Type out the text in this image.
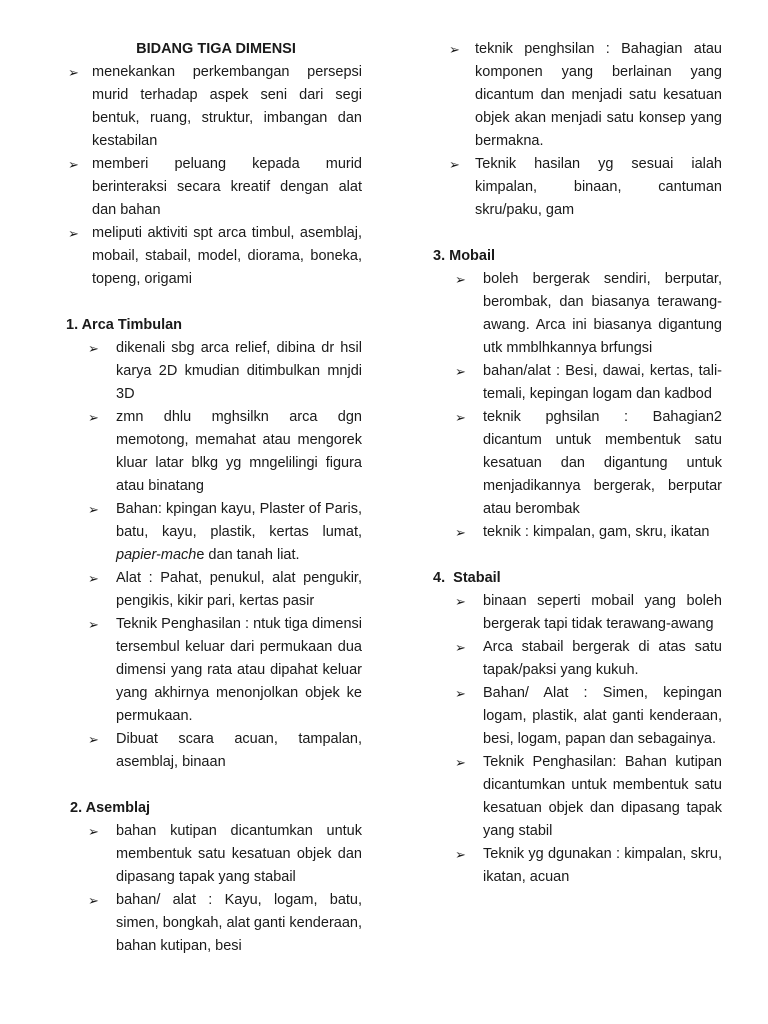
BIDANG TIGA DIMENSI
➢ menekankan perkembangan persepsi murid terhadap aspek seni dari segi bentuk, ruang, struktur, imbangan dan kestabilan
➢ memberi peluang kepada murid berinteraksi secara kreatif dengan alat dan bahan
➢ meliputi aktiviti spt arca timbul, asemblaj, mobail, stabail, model, diorama, boneka, topeng, origami
1. Arca Timbulan
➢ dikenali sbg arca relief, dibina dr hsil karya 2D kmudian ditimbulkan mnjdi 3D
➢ zmn dhlu mghsilkn arca dgn memotong, memahat atau mengorek kluar latar blkg yg mngelilingi figura atau binatang
➢ Bahan: kpingan kayu, Plaster of Paris, batu, kayu, plastik, kertas lumat, papier-mache dan tanah liat.
➢ Alat : Pahat, penukul, alat pengukir, pengikis, kikir pari, kertas pasir
➢ Teknik Penghasilan : ntuk tiga dimensi tersembul keluar dari permukaan dua dimensi yang rata atau dipahat keluar yang akhirnya menonjolkan objek ke permukaan.
➢ Dibuat scara acuan, tampalan, asemblaj, binaan
2. Asemblaj
➢ bahan kutipan dicantumkan untuk membentuk satu kesatuan objek dan dipasang tapak yang stabail
➢ bahan/ alat : Kayu, logam, batu, simen, bongkah, alat ganti kenderaan, bahan kutipan, besi
➢ teknik penghsilan : Bahagian atau komponen yang berlainan yang dicantum dan menjadi satu kesatuan objek akan menjadi satu konsep yang bermakna.
➢ Teknik hasilan yg sesuai ialah kimpalan, binaan, cantuman skru/paku, gam
3. Mobail
➢ boleh bergerak sendiri, berputar, berombak, dan biasanya terawang-awang. Arca ini biasanya digantung utk mmblhkannya brfungsi
➢ bahan/alat : Besi, dawai, kertas, tali-temali, kepingan logam dan kadbod
➢ teknik pghsilan : Bahagian2 dicantum untuk membentuk satu kesatuan dan digantung untuk menjadikannya bergerak, berputar atau berombak
➢ teknik : kimpalan, gam, skru, ikatan
4.  Stabail
➢ binaan seperti mobail yang boleh bergerak tapi tidak terawang-awang
➢ Arca stabail bergerak di atas satu tapak/paksi yang kukuh.
➢ Bahan/ Alat : Simen, kepingan logam, plastik, alat ganti kenderaan, besi, logam, papan dan sebagainya.
➢ Teknik Penghasilan: Bahan kutipan dicantumkan untuk membentuk satu kesatuan objek dan dipasang tapak yang stabil
➢ Teknik yg dgunakan : kimpalan, skru, ikatan, acuan
